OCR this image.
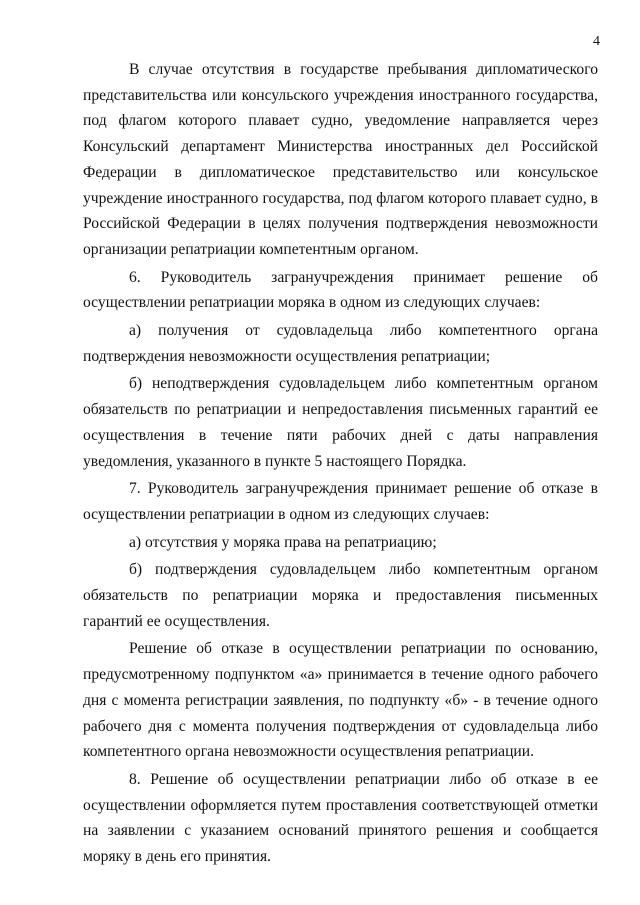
4

В случае отсутствия в государстве пребывания дипломатического представительства или консульского учреждения иностранного государства, под флагом которого плавает судно, уведомление направляется через Консульский департамент Министерства иностранных дел Российской Федерации в дипломатическое представительство или консульское учреждение иностранного государства, под флагом которого плавает судно, в Российской Федерации в целях получения подтверждения невозможности организации репатриации компетентным органом.

6. Руководитель загранучреждения принимает решение об осуществлении репатриации моряка в одном из следующих случаев:

а) получения от судовладельца либо компетентного органа подтверждения невозможности осуществления репатриации;

б) неподтверждения судовладельцем либо компетентным органом обязательств по репатриации и непредоставления письменных гарантий ее осуществления в течение пяти рабочих дней с даты направления уведомления, указанного в пункте 5 настоящего Порядка.

7. Руководитель загранучреждения принимает решение об отказе в осуществлении репатриации в одном из следующих случаев:

а) отсутствия у моряка права на репатриацию;

б) подтверждения судовладельцем либо компетентным органом обязательств по репатриации моряка и предоставления письменных гарантий ее осуществления.

Решение об отказе в осуществлении репатриации по основанию, предусмотренному подпунктом «а» принимается в течение одного рабочего дня с момента регистрации заявления, по подпункту «б» - в течение одного рабочего дня с момента получения подтверждения от судовладельца либо компетентного органа невозможности осуществления репатриации.

8. Решение об осуществлении репатриации либо об отказе в ее осуществлении оформляется путем проставления соответствующей отметки на заявлении с указанием оснований принятого решения и сообщается моряку в день его принятия.
